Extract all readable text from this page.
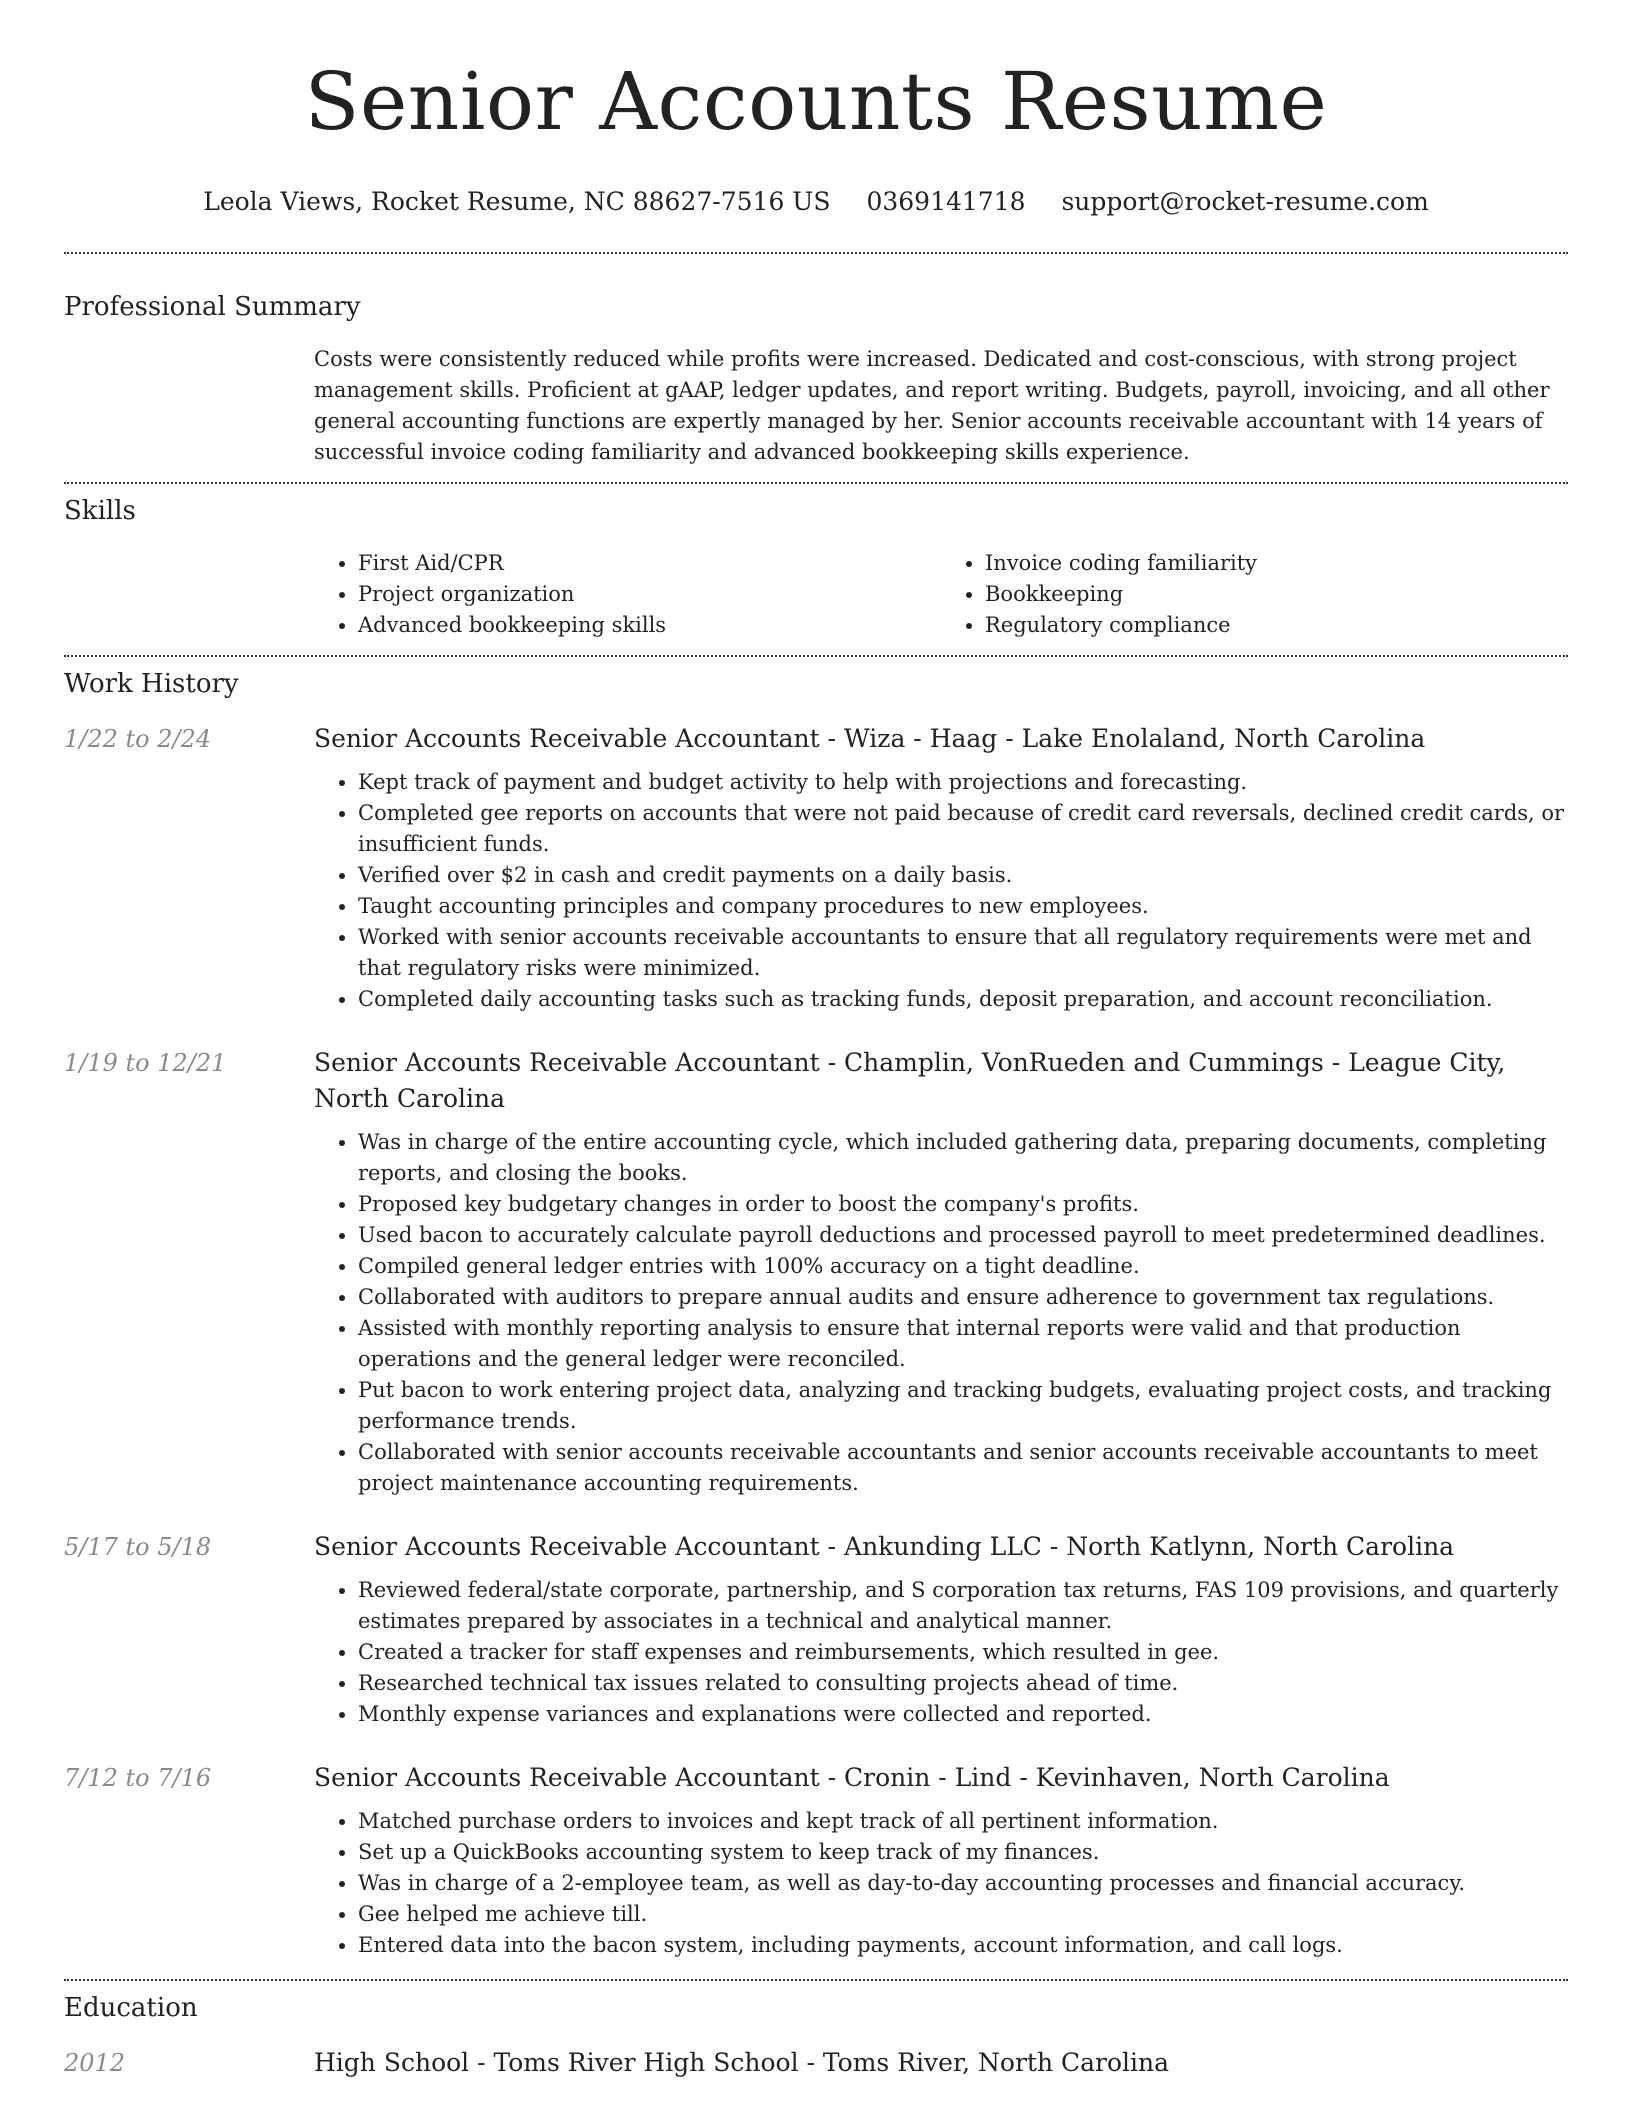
Senior Accounts Resume
Leola Views, Rocket Resume, NC 88627-7516 US 0369141718 support@rocket-resume.com
Professional Summary

Costs were consistently reduced while profits were increased. Dedicated and cost-conscious, with strong project management skills. Proficient at gAAP, ledger updates, and report writing. Budgets, payroll, invoicing, and all other general accounting functions are expertly managed by her. Senior accounts receivable accountant with 14 years of successful invoice coding familiarity and advanced bookkeeping skills experience.

Skills
• First Aid/CPR
• Project organization
• Advanced bookkeeping skills
• Invoice coding familiarity
• Bookkeeping
• Regulatory compliance
Work History
1/22 to 2/24	Senior Accounts Receivable Accountant - Wiza - Haag - Lake Enolaland, North Carolina
• Kept track of payment and budget activity to help with projections and forecasting.
• Completed gee reports on accounts that were not paid because of credit card reversals, declined credit cards, or insufficient funds.
• Verified over $2 in cash and credit payments on a daily basis.
• Taught accounting principles and company procedures to new employees.
• Worked with senior accounts receivable accountants to ensure that all regulatory requirements were met and that regulatory risks were minimized.
• Completed daily accounting tasks such as tracking funds, deposit preparation, and account reconciliation.
1/19 to 12/21	Senior Accounts Receivable Accountant - Champlin, VonRueden and Cummings - League City, North Carolina
• Was in charge of the entire accounting cycle, which included gathering data, preparing documents, completing reports, and closing the books.
• Proposed key budgetary changes in order to boost the company's profits.
• Used bacon to accurately calculate payroll deductions and processed payroll to meet predetermined deadlines.
• Compiled general ledger entries with 100% accuracy on a tight deadline.
• Collaborated with auditors to prepare annual audits and ensure adherence to government tax regulations.
• Assisted with monthly reporting analysis to ensure that internal reports were valid and that production operations and the general ledger were reconciled.
• Put bacon to work entering project data, analyzing and tracking budgets, evaluating project costs, and tracking performance trends.
• Collaborated with senior accounts receivable accountants and senior accounts receivable accountants to meet project maintenance accounting requirements.
5/17 to 5/18	Senior Accounts Receivable Accountant - Ankunding LLC - North Katlynn, North Carolina
• Reviewed federal/state corporate, partnership, and S corporation tax returns, FAS 109 provisions, and quarterly estimates prepared by associates in a technical and analytical manner.
• Created a tracker for staff expenses and reimbursements, which resulted in gee.
• Researched technical tax issues related to consulting projects ahead of time.
• Monthly expense variances and explanations were collected and reported.
7/12 to 7/16	Senior Accounts Receivable Accountant - Cronin - Lind - Kevinhaven, North Carolina
• Matched purchase orders to invoices and kept track of all pertinent information.
• Set up a QuickBooks accounting system to keep track of my finances.
• Was in charge of a 2-employee team, as well as day-to-day accounting processes and financial accuracy.
• Gee helped me achieve till.
• Entered data into the bacon system, including payments, account information, and call logs.
Education
2012	High School - Toms River High School - Toms River, North Carolina
